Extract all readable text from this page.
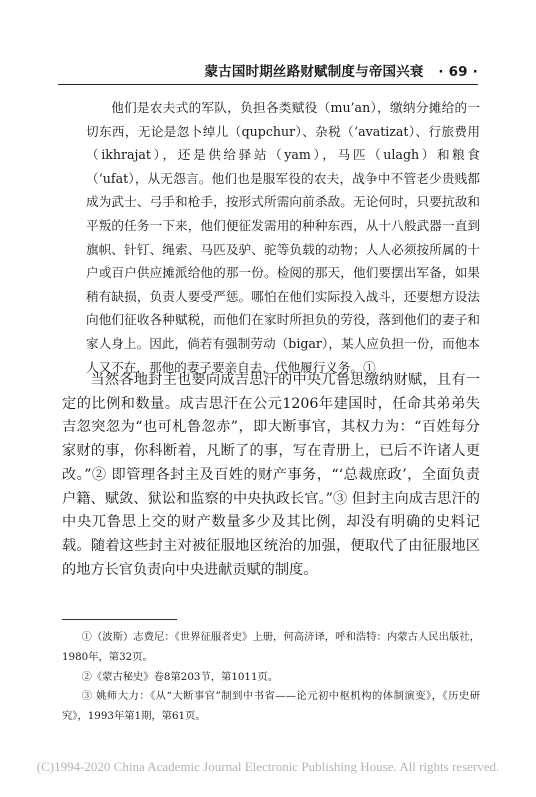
蒙古国时期丝路财赋制度与帝国兴衰 · 69 ·
他们是农夫式的军队，负担各类赋役（mu’an），缴纳分摊给的一切东西，无论是忽卜绰儿（qupchur）、杂税（‘avatizat）、行旅费用（ikhrajat），还是供给驿站（yam），马匹（ulagh）和粮食（‘ufat），从无怨言。他们也是服军役的农夫，战争中不管老少贵贱都成为武士、弓手和枪手，按形式所需向前杀敌。无论何时，只要抗敌和平叛的任务一下来，他们便征发需用的种种东西，从十八般武器一直到旗帜、针钉、绳索、马匹及驴、驼等负载的动物；人人必须按所属的十户或百户供应摊派给他的那一份。检阅的那天，他们要摆出军备，如果稍有缺损，负责人要受严惩。哪怕在他们实际投入战斗，还要想方设法向他们征收各种赋税，而他们在家时所担负的劳役，落到他们的妻子和家人身上。因此，倘若有强制劳动（bigar），某人应负担一份，而他本人又不在，那他的妻子要亲自去，代他履行义务。①
当然各地封主也要向成吉思汗的中央兀鲁思缴纳财赋，且有一定的比例和数量。成吉思汗在公元1206年建国时，任命其弟弟失吉忽突忽为“也可札鲁忽赤”，即大断事官，其权力为：“百姓每分家财的事，你科断着，凡断了的事，写在青册上，已后不许诸人更改。”② 即管理各封主及百姓的财产事务，“‘总裁庶政’，全面负责户籍、赋敛、狱讼和监察的中央执政长官。”③ 但封主向成吉思汗的中央兀鲁思上交的财产数量多少及其比例，却没有明确的史料记载。随着这些封主对被征服地区统治的加强，便取代了由征服地区的地方长官负责向中央进献贡赋的制度。
①（波斯）志费尼：《世界征服者史》上册，何高济译，呼和浩特：内蒙古人民出版社，1980年，第32页。
②《蒙古秘史》卷8第203节，第1011页。
③ 姚师大力：《从“大断事官”制到中书省——论元初中枢机构的体制演变》，《历史研究》，1993年第1期，第61页。
(C)1994-2020 China Academic Journal Electronic Publishing House. All rights reserved.
